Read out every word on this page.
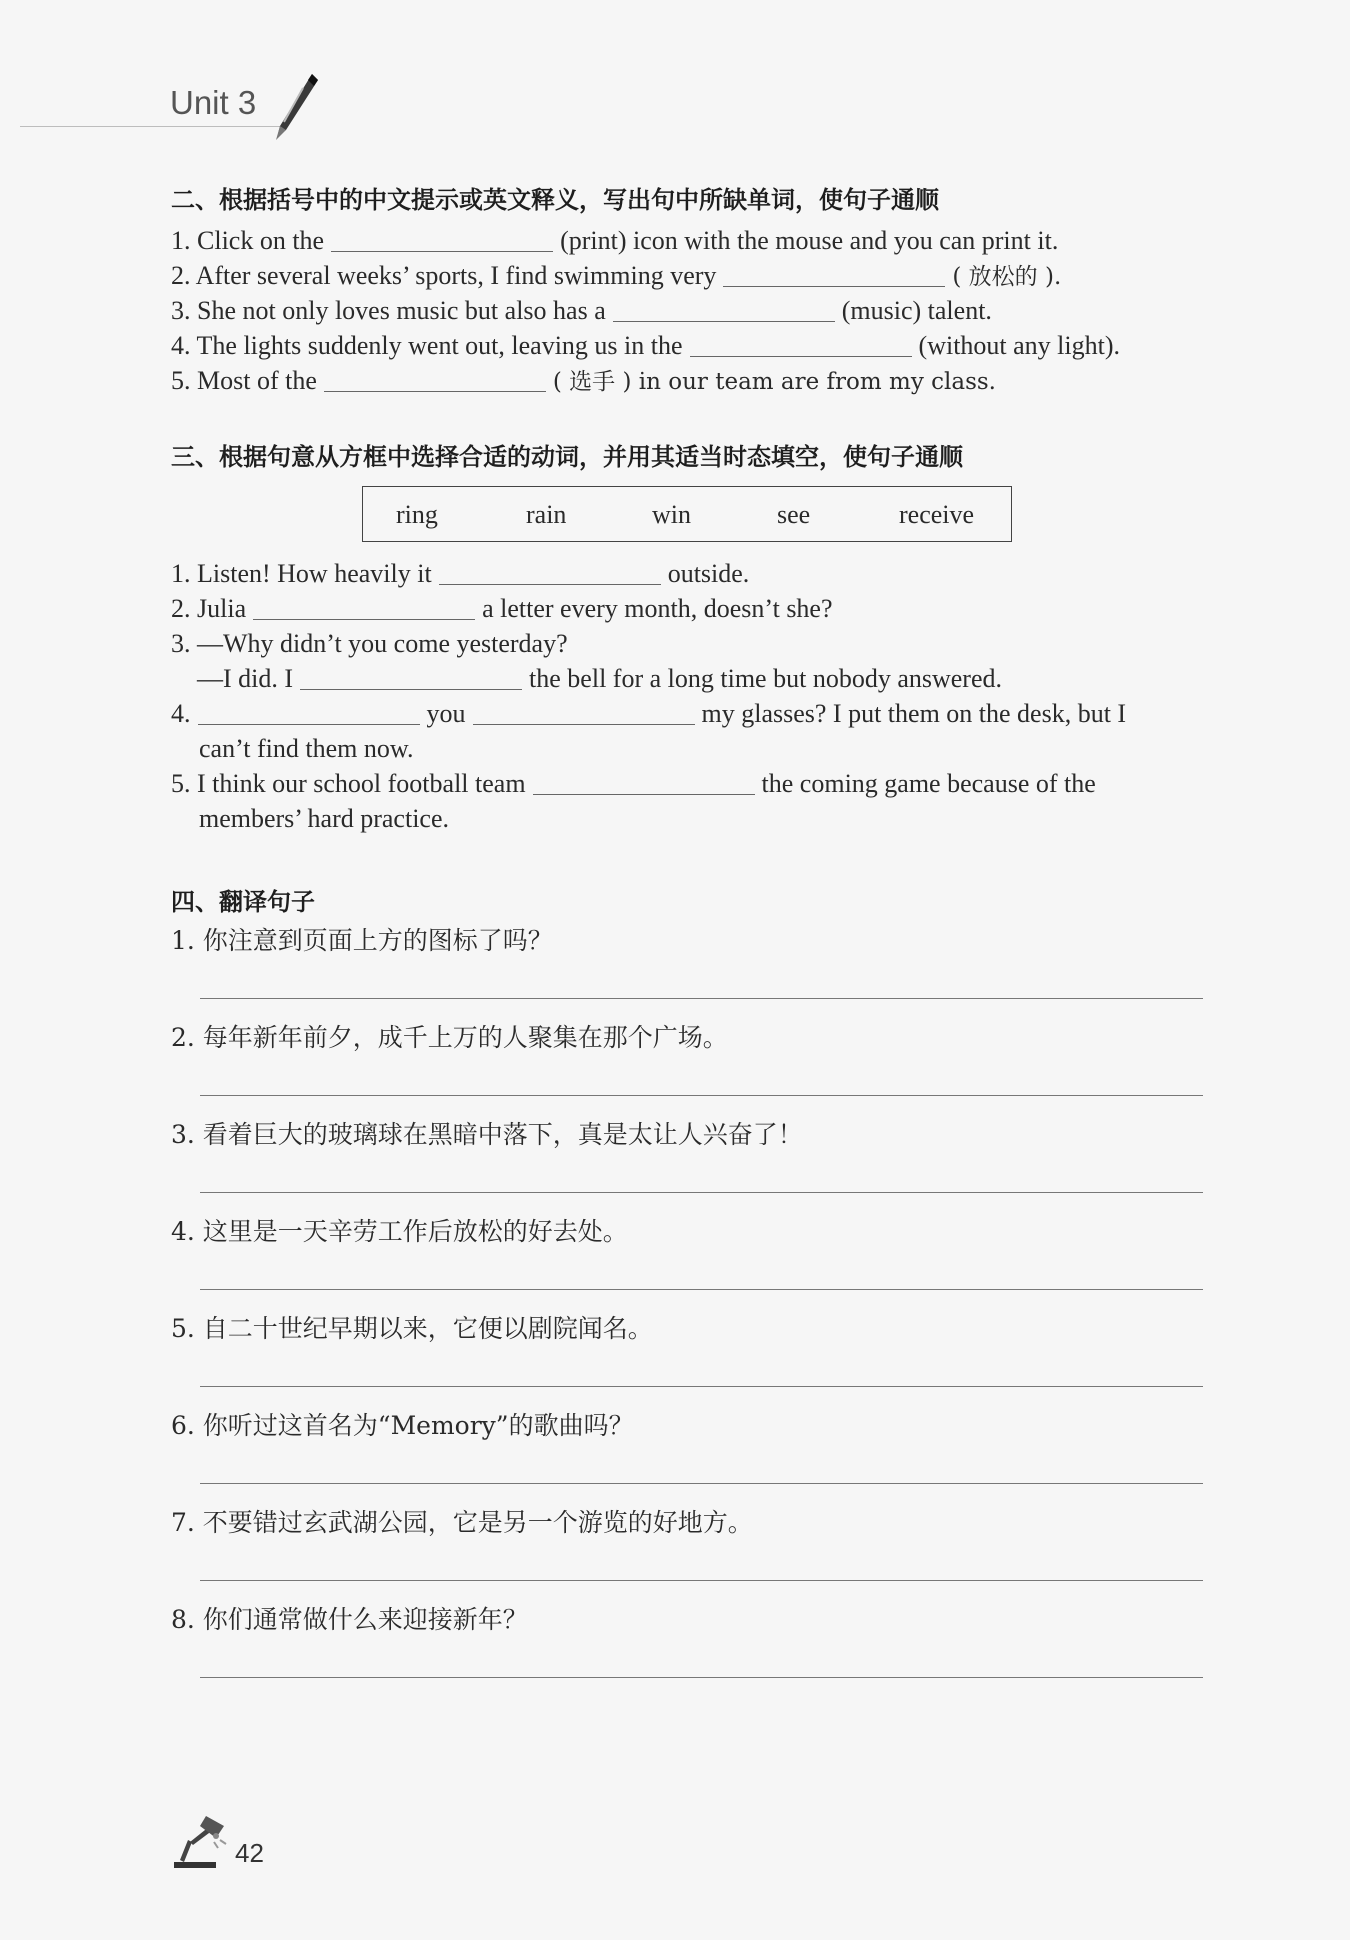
Unit 3
二、根据括号中的中文提示或英文释义，写出句中所缺单词，使句子通顺
1. Click on the	(print) icon with the mouse and you can print it.
2. After several weeks’ sports, I find swimming very	( 放松的 ).
3. She not only loves music but also has a	(music) talent.
4. The lights suddenly went out, leaving us in the	(without any light).
5. Most of the	( 选手 ) in our team are from my class.
三、根据句意从方框中选择合适的动词，并用其适当时态填空，使句子通顺
ring	rain	win	see	receive
1. Listen! How heavily it	outside.
2. Julia	a letter every month, doesn’t she?
3. —Why didn’t you come yesterday?
—I did. I	the bell for a long time but nobody answered.
4.	you	my glasses? I put them on the desk, but I
can’t find them now.
5. I think our school football team	the coming game because of the
members’ hard practice.
四、翻译句子
1. 你注意到页面上方的图标了吗？
2. 每年新年前夕，成千上万的人聚集在那个广场。
3. 看着巨大的玻璃球在黑暗中落下，真是太让人兴奋了！
4. 这里是一天辛劳工作后放松的好去处。
5. 自二十世纪早期以来，它便以剧院闻名。
6. 你听过这首名为“Memory”的歌曲吗？
7. 不要错过玄武湖公园，它是另一个游览的好地方。
8. 你们通常做什么来迎接新年？
42
